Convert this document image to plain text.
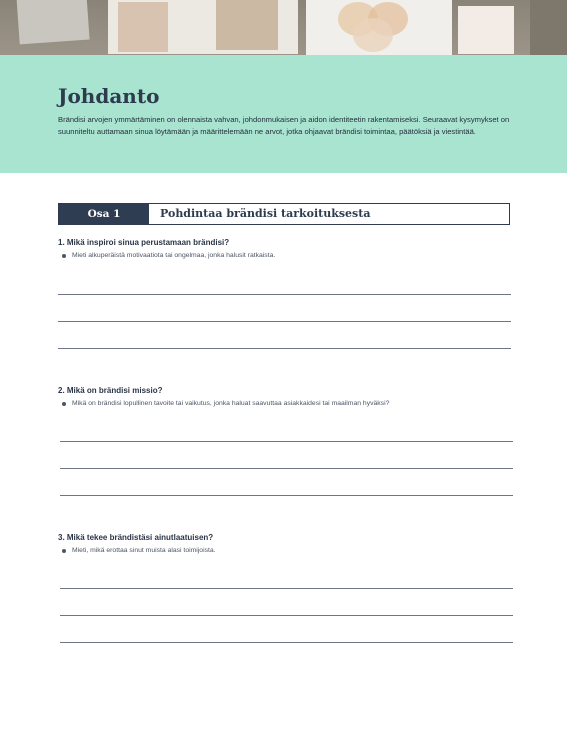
Johdanto
Brändisi arvojen ymmärtäminen on olennaista vahvan, johdonmukaisen ja aidon identiteetin rakentamiseksi. Seuraavat kysymykset on suunniteltu auttamaan sinua löytämään ja määrittelemään ne arvot, jotka ohjaavat brändisi toimintaa, päätöksiä ja viestintää.
Osa 1	Pohdintaa brändisi tarkoituksesta

1. Mikä inspiroi sinua perustamaan brändisi?

Mieti alkuperäistä motivaatiota tai ongelmaa, jonka halusit ratkaista.

2. Mikä on brändisi missio?

Mikä on brändisi lopullinen tavoite tai vaikutus, jonka haluat saavuttaa asiakkaidesi tai maailman hyväksi?

3. Mikä tekee brändistäsi ainutlaatuisen?

Mieti, mikä erottaa sinut muista alasi toimijoista.
